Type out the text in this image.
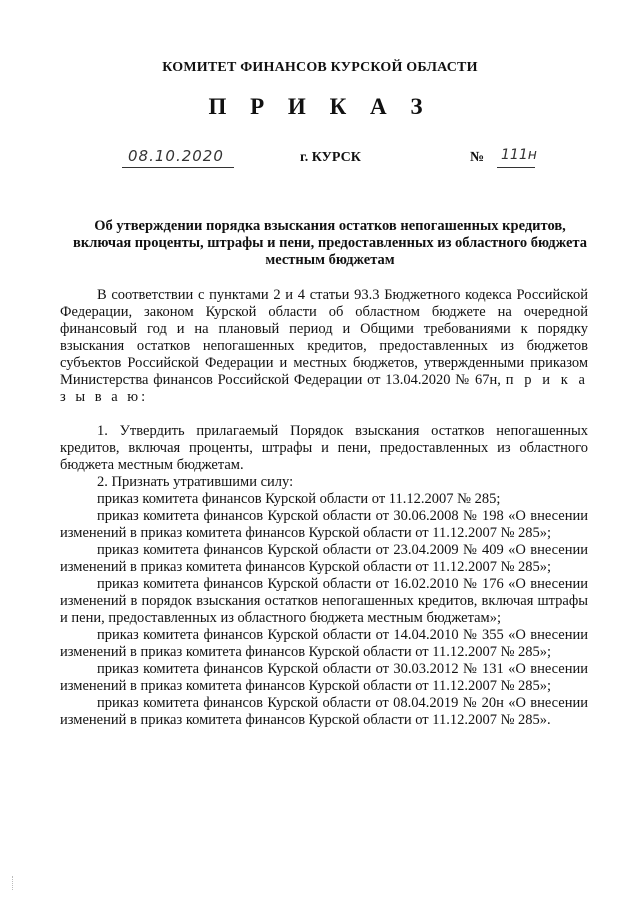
КОМИТЕТ ФИНАНСОВ КУРСКОЙ ОБЛАСТИ
П Р И К А З
08.10.2020	г. КУРСК	№ 111н
Об утверждении порядка взыскания остатков непогашенных кредитов, включая проценты, штрафы и пени, предоставленных из областного бюджета местным бюджетам

В соответствии с пунктами 2 и 4 статьи 93.3 Бюджетного кодекса Российской Федерации, законом Курской области об областном бюджете на очередной финансовый год и на плановый период и Общими требованиями к порядку взыскания остатков непогашенных кредитов, предоставленных из бюджетов субъектов Российской Федерации и местных бюджетов, утвержденными приказом Министерства финансов Российской Федерации от 13.04.2020 № 67н, п р и к а з ы в а ю:

1. Утвердить прилагаемый Порядок взыскания остатков непогашенных кредитов, включая проценты, штрафы и пени, предоставленных из областного бюджета местным бюджетам.

2. Признать утратившими силу:

приказ комитета финансов Курской области от 11.12.2007 № 285;

приказ комитета финансов Курской области от 30.06.2008 № 198 «О внесении изменений в приказ комитета финансов Курской области от 11.12.2007 № 285»;

приказ комитета финансов Курской области от 23.04.2009 № 409 «О внесении изменений в приказ комитета финансов Курской области от 11.12.2007 № 285»;

приказ комитета финансов Курской области от 16.02.2010 № 176 «О внесении изменений в порядок взыскания остатков непогашенных кредитов, включая штрафы и пени, предоставленных из областного бюджета местным бюджетам»;

приказ комитета финансов Курской области от 14.04.2010 № 355 «О внесении изменений в приказ комитета финансов Курской области от 11.12.2007 № 285»;

приказ комитета финансов Курской области от 30.03.2012 № 131 «О внесении изменений в приказ комитета финансов Курской области от 11.12.2007 № 285»;

приказ комитета финансов Курской области от 08.04.2019 № 20н «О внесении изменений в приказ комитета финансов Курской области от 11.12.2007 № 285».
